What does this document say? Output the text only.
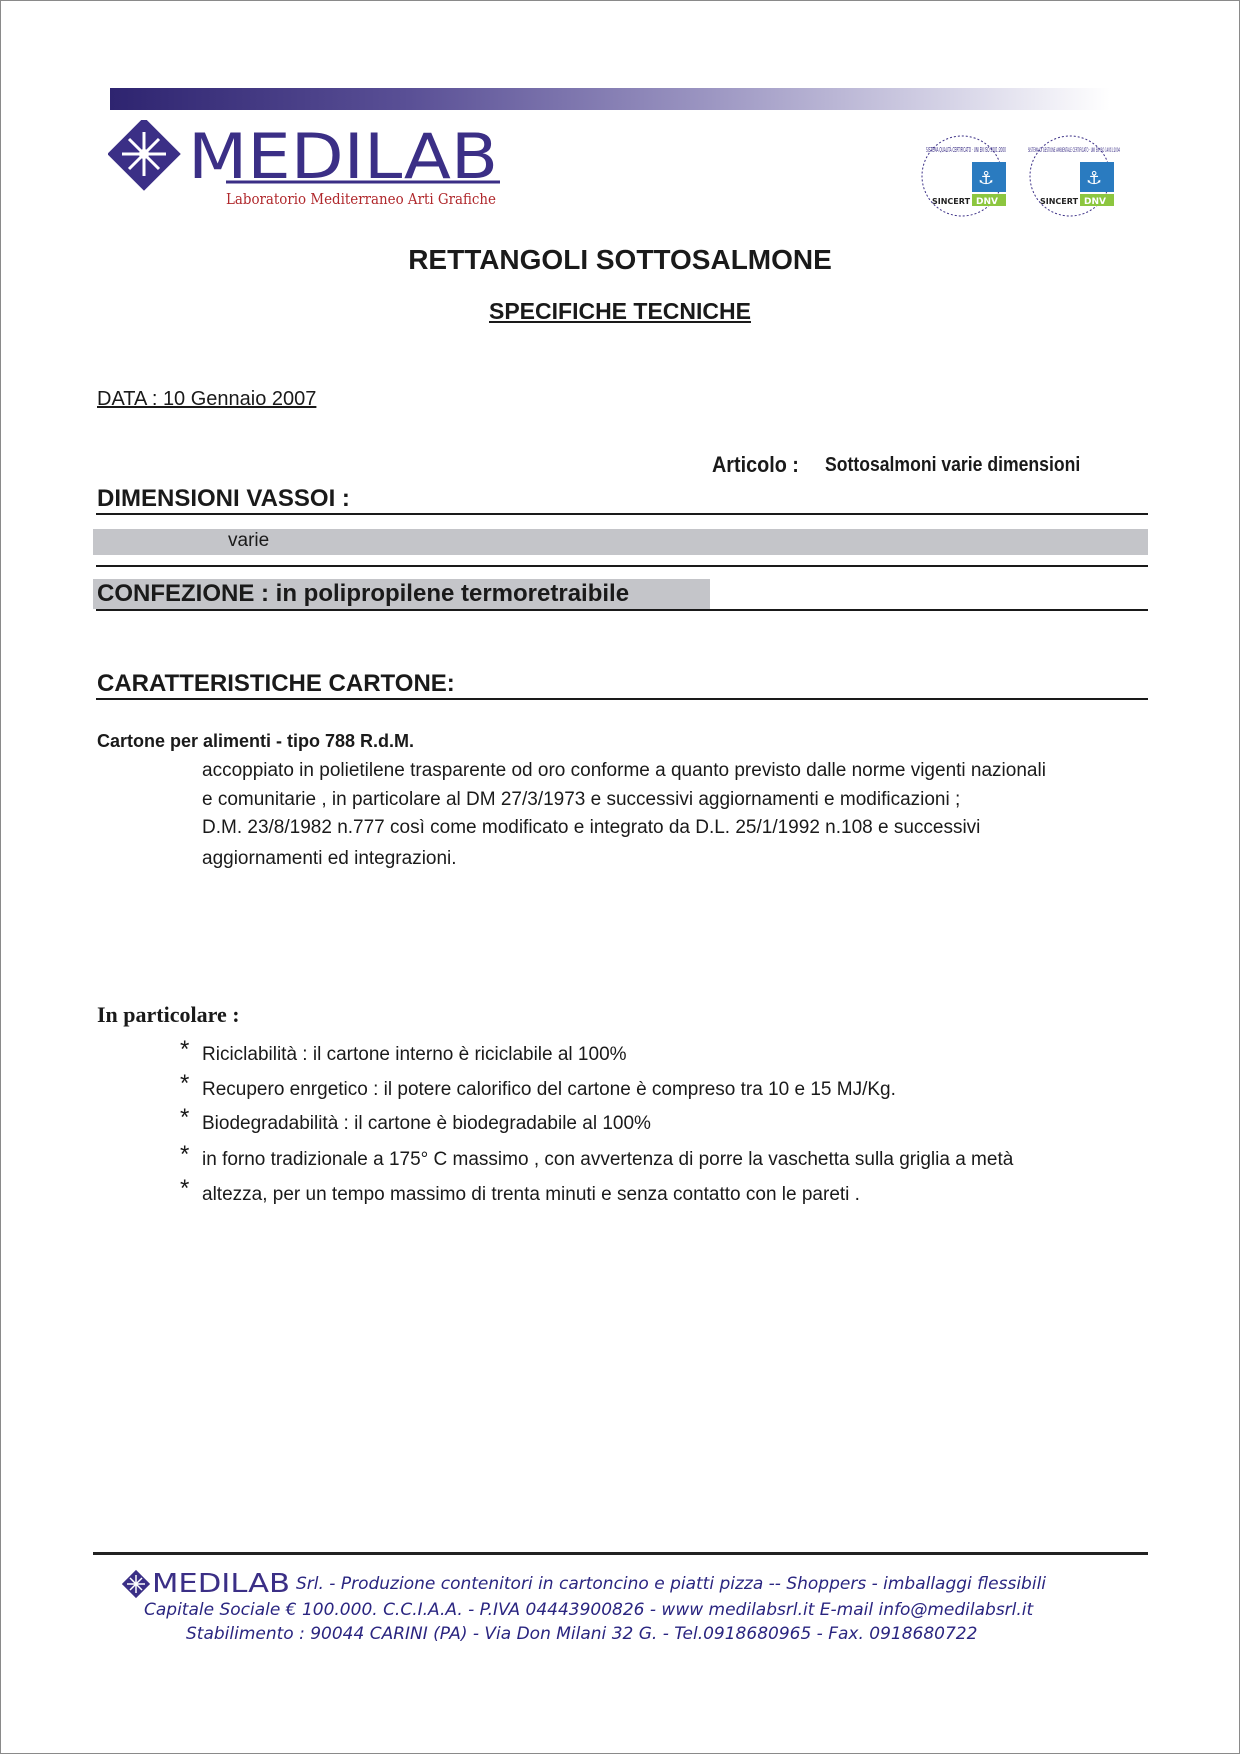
MEDILAB
Laboratorio Mediterraneo Arti Grafiche
SISTEMA QUALITÀ CERTIFICATO · UNI EN ISO 9001:2000
⚓
DNV
SINCERT
SISTEMA DI GESTIONE AMBIENTALE CERTIFICATO · UNI EN ISO 14001:2004
⚓
DNV
SINCERT
RETTANGOLI SOTTOSALMONE
SPECIFICHE TECNICHE
DATA : 10 Gennaio 2007
Articolo : Sottosalmoni varie dimensioni
DIMENSIONI VASSOI :
varie
CONFEZIONE : in polipropilene termoretraibile
CARATTERISTICHE CARTONE:
Cartone per alimenti - tipo 788 R.d.M.
accoppiato in polietilene trasparente od oro conforme a quanto previsto dalle norme vigenti nazionali
e comunitarie , in particolare al DM 27/3/1973 e successivi aggiornamenti e modificazioni ;
D.M. 23/8/1982 n.777 così come modificato e integrato da D.L. 25/1/1992 n.108 e successivi
aggiornamenti ed integrazioni.
In particolare :
* Riciclabilità : il cartone interno è riciclabile al 100%
* Recupero enrgetico : il potere calorifico del cartone è compreso tra 10 e 15 MJ/Kg.
* Biodegradabilità : il cartone è biodegradabile al 100%
* in forno tradizionale a 175° C massimo , con avvertenza di porre la vaschetta sulla griglia a metà
* altezza, per un tempo massimo di trenta minuti e senza contatto con le pareti .
MEDILAB Srl. - Produzione contenitori in cartoncino e piatti pizza -- Shoppers - imballaggi flessibili
Capitale Sociale € 100.000. C.C.I.A.A. - P.IVA 04443900826 - www medilabsrl.it E-mail info@medilabsrl.it
Stabilimento : 90044 CARINI (PA) - Via Don Milani 32 G. - Tel.0918680965 - Fax. 0918680722
